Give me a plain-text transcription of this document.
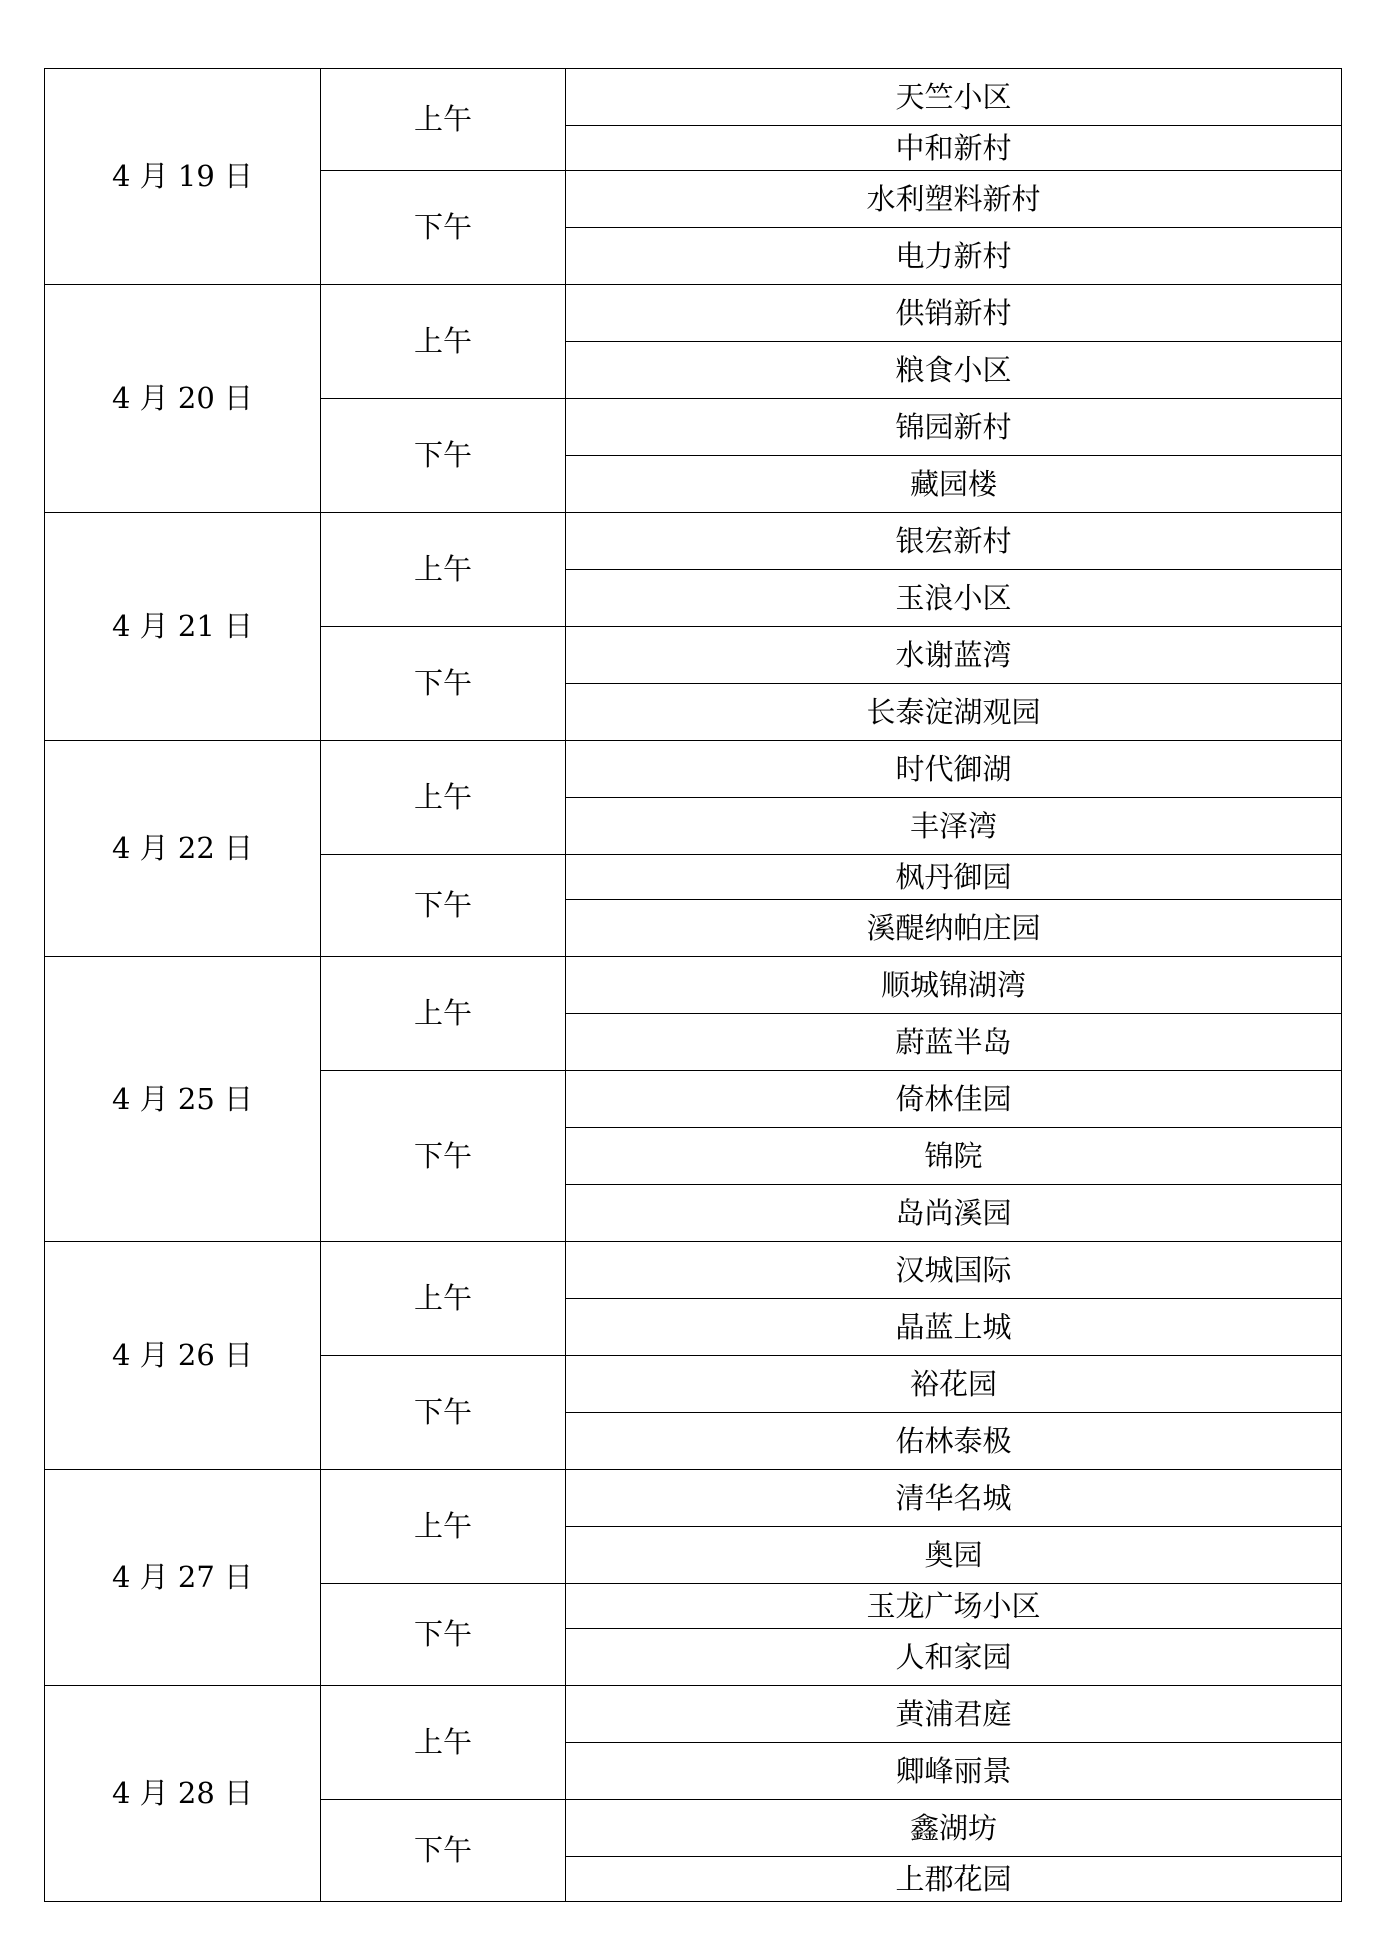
4 月 19 日	上午	天竺小区
		中和新村
	下午	水利塑料新村
		电力新村
4 月 20 日	上午	供销新村
		粮食小区
	下午	锦园新村
		藏园楼
4 月 21 日	上午	银宏新村
		玉浪小区
	下午	水谢蓝湾
		长泰淀湖观园
4 月 22 日	上午	时代御湖
		丰泽湾
	下午	枫丹御园
		溪醍纳帕庄园
4 月 25 日	上午	顺城锦湖湾
		蔚蓝半岛
	下午	倚林佳园
		锦院
		岛尚溪园
4 月 26 日	上午	汉城国际
		晶蓝上城
	下午	裕花园
		佑林泰极
4 月 27 日	上午	清华名城
		奥园
	下午	玉龙广场小区
		人和家园
4 月 28 日	上午	黄浦君庭
		卿峰丽景
	下午	鑫湖坊
		上郡花园
